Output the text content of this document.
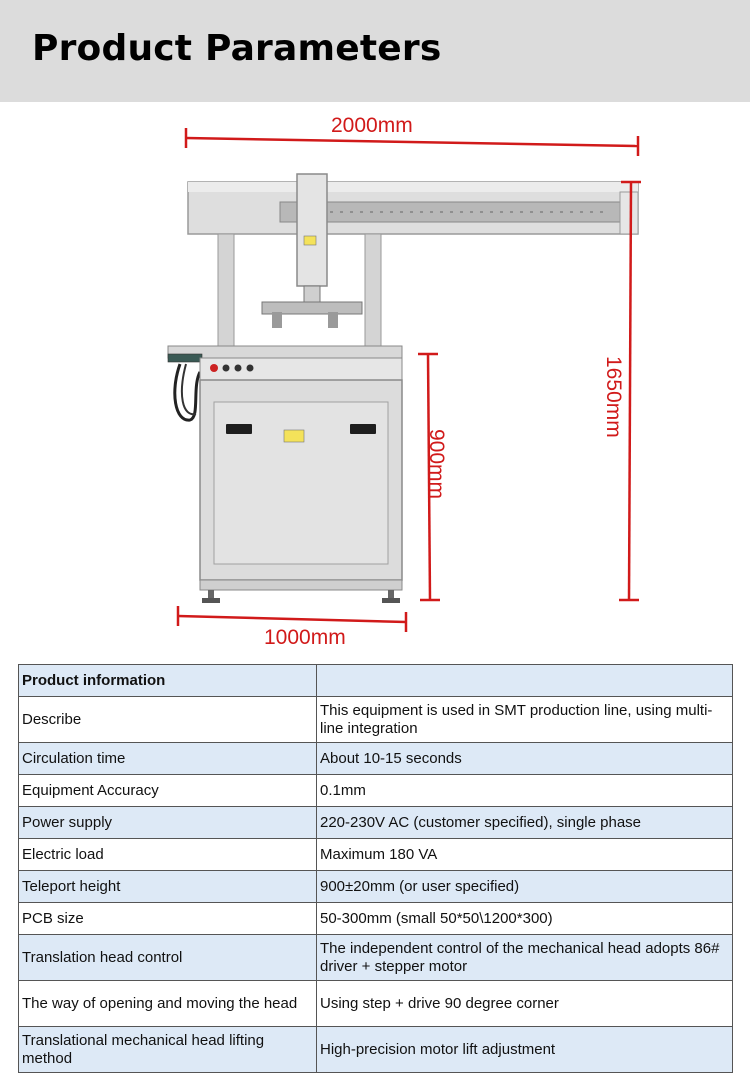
Product Parameters
2000mm
1650mm
900mm
1000mm
Product information	
Describe	This equipment is used in SMT production line, using multi-line integration
Circulation time	About 10-15 seconds
Equipment Accuracy	0.1mm
Power supply	220-230V AC (customer specified), single phase
Electric load	Maximum 180 VA
Teleport height	900±20mm (or user specified)
PCB size	50-300mm (small 50*50\1200*300)
Translation head control	The independent control of the mechanical head adopts 86# driver + stepper motor
The way of opening and moving the head	Using step + drive 90 degree corner
Translational mechanical head lifting method	High-precision motor lift adjustment
